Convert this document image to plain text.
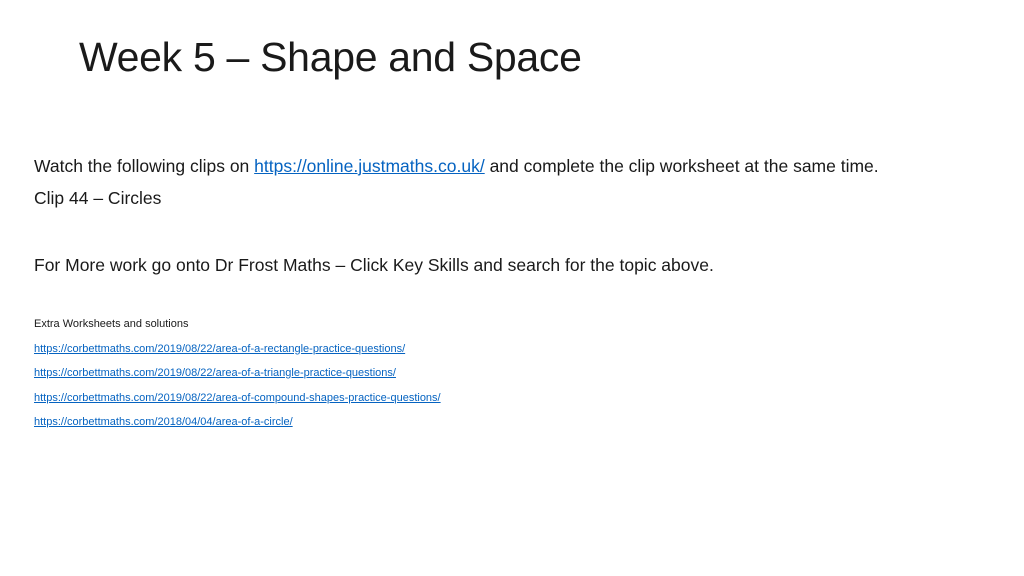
Week 5 – Shape and Space

Watch the following clips on https://online.justmaths.co.uk/ and complete the clip worksheet at the same time.

Clip 44 – Circles

For More work go onto Dr Frost Maths – Click Key Skills and search for the topic above.

Extra Worksheets and solutions

https://corbettmaths.com/2019/08/22/area-of-a-rectangle-practice-questions/
https://corbettmaths.com/2019/08/22/area-of-a-triangle-practice-questions/
https://corbettmaths.com/2019/08/22/area-of-compound-shapes-practice-questions/
https://corbettmaths.com/2018/04/04/area-of-a-circle/
